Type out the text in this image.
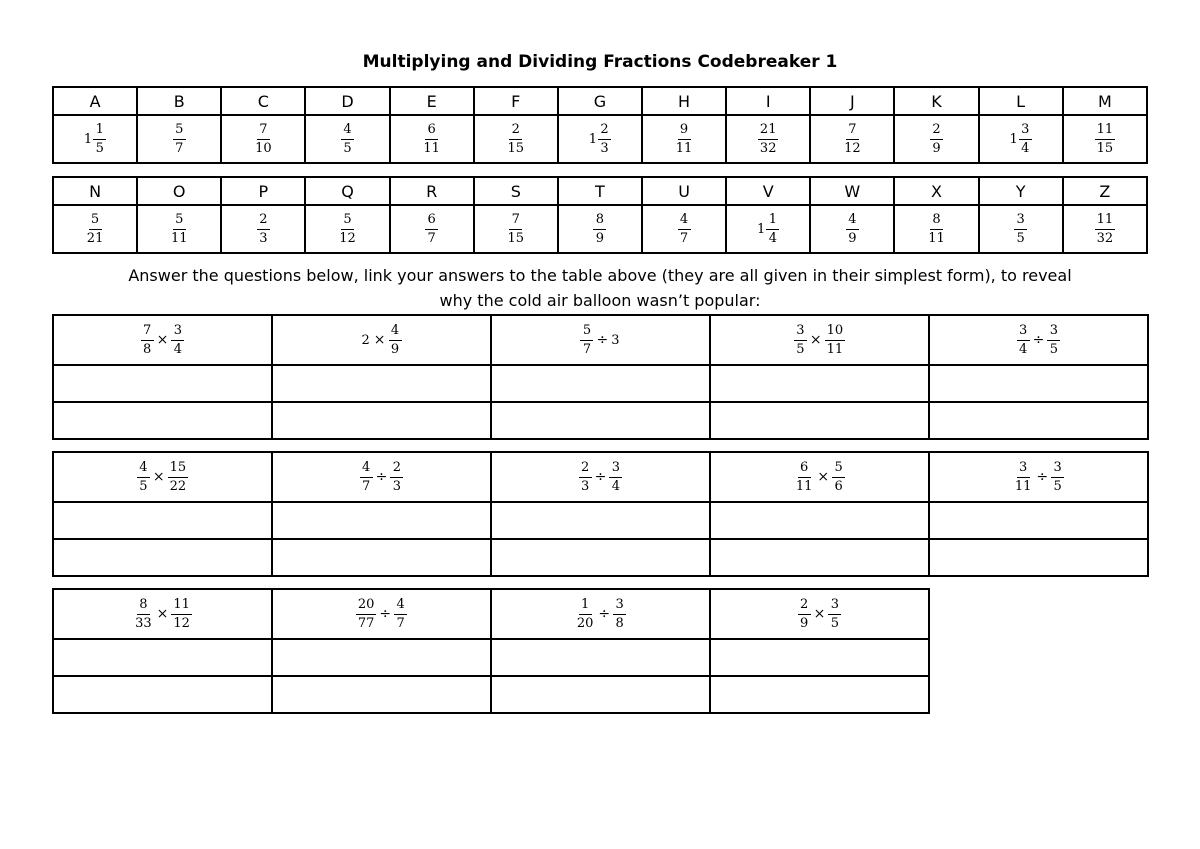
Multiplying and Dividing Fractions Codebreaker 1
A	B	C	D	E	F	G	H	I	J	K	L	M
$1 \frac{1}{5}$	$\frac{5}{7}$	$\frac{7}{10}$	$\frac{4}{5}$	$\frac{6}{11}$	$\frac{2}{15}$	$1 \frac{2}{3}$	$\frac{9}{11}$	$\frac{21}{32}$	$\frac{7}{12}$	$\frac{2}{9}$	$1 \frac{3}{4}$	$\frac{11}{15}$
N	O	P	Q	R	S	T	U	V	W	X	Y	Z

$\frac{5}{21}$	$\frac{5}{11}$	$\frac{2}{3}$	$\frac{5}{12}$	$\frac{6}{7}$	$\frac{7}{15}$	$\frac{8}{9}$	$\frac{4}{7}$	$1 \frac{1}{4}$	$\frac{4}{9}$	$\frac{8}{11}$	$\frac{3}{5}$	$\frac{11}{32}$
Answer the questions below, link your answers to the table above (they are all given in their simplest form), to reveal
why the cold air balloon wasn’t popular:
$\frac{7}{8} \times \frac{3}{4}$	$2 \times \frac{4}{9}$	$\frac{5}{7} \div 3$	$\frac{3}{5} \times \frac{10}{11}$	$\frac{3}{4} \div \frac{3}{5}$

$\frac{4}{5} \times \frac{15}{22}$	$\frac{4}{7} \div \frac{2}{3}$	$\frac{2}{3} \div \frac{3}{4}$	$\frac{6}{11} \times \frac{5}{6}$	$\frac{3}{11} \div \frac{3}{5}$

$\frac{8}{33} \times \frac{11}{12}$	$\frac{20}{77} \div \frac{4}{7}$	$\frac{1}{20} \div \frac{3}{8}$	$\frac{2}{9} \times \frac{3}{5}$
